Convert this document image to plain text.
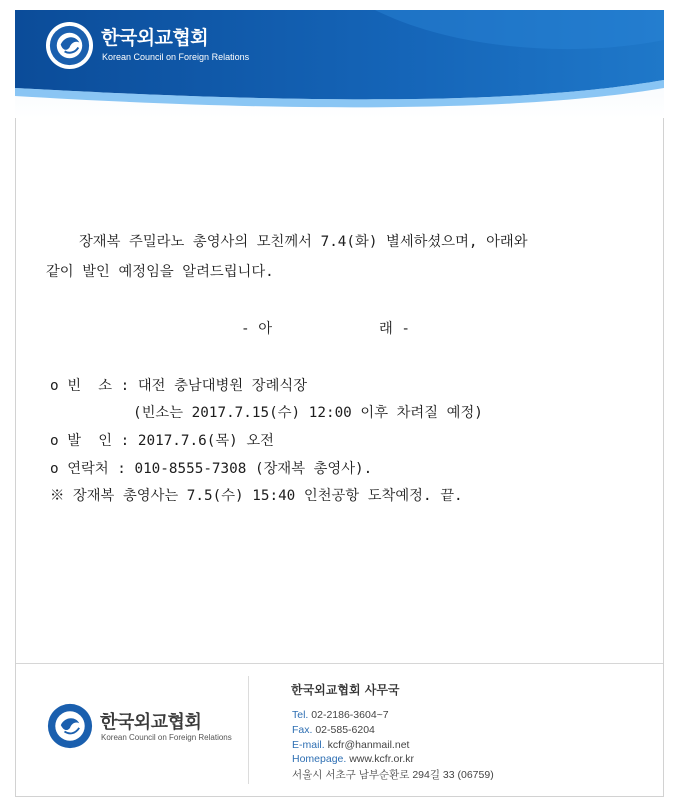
한국외교협회
Korean Council on Foreign Relations
장재복 주밀라노 총영사의 모친께서 7.4(화) 별세하셨으며, 아래와
같이 발인 예정임을 알려드립니다.
- 아	래 -
o 빈  소 : 대전 충남대병원 장례식장
(빈소는 2017.7.15(수) 12:00 이후 차려질 예정)
o 발  인 : 2017.7.6(목) 오전
o 연락처 : 010-8555-7308 (장재복 총영사).
※ 장재복 총영사는 7.5(수) 15:40 인천공항 도착예정. 끝.
한국외교협회
Korean Council on Foreign Relations
한국외교협회 사무국
Tel. 02-2186-3604~7
Fax. 02-585-6204
E-mail. kcfr@hanmail.net
Homepage. www.kcfr.or.kr
서울시 서초구 남부순환로 294길 33 (06759)
